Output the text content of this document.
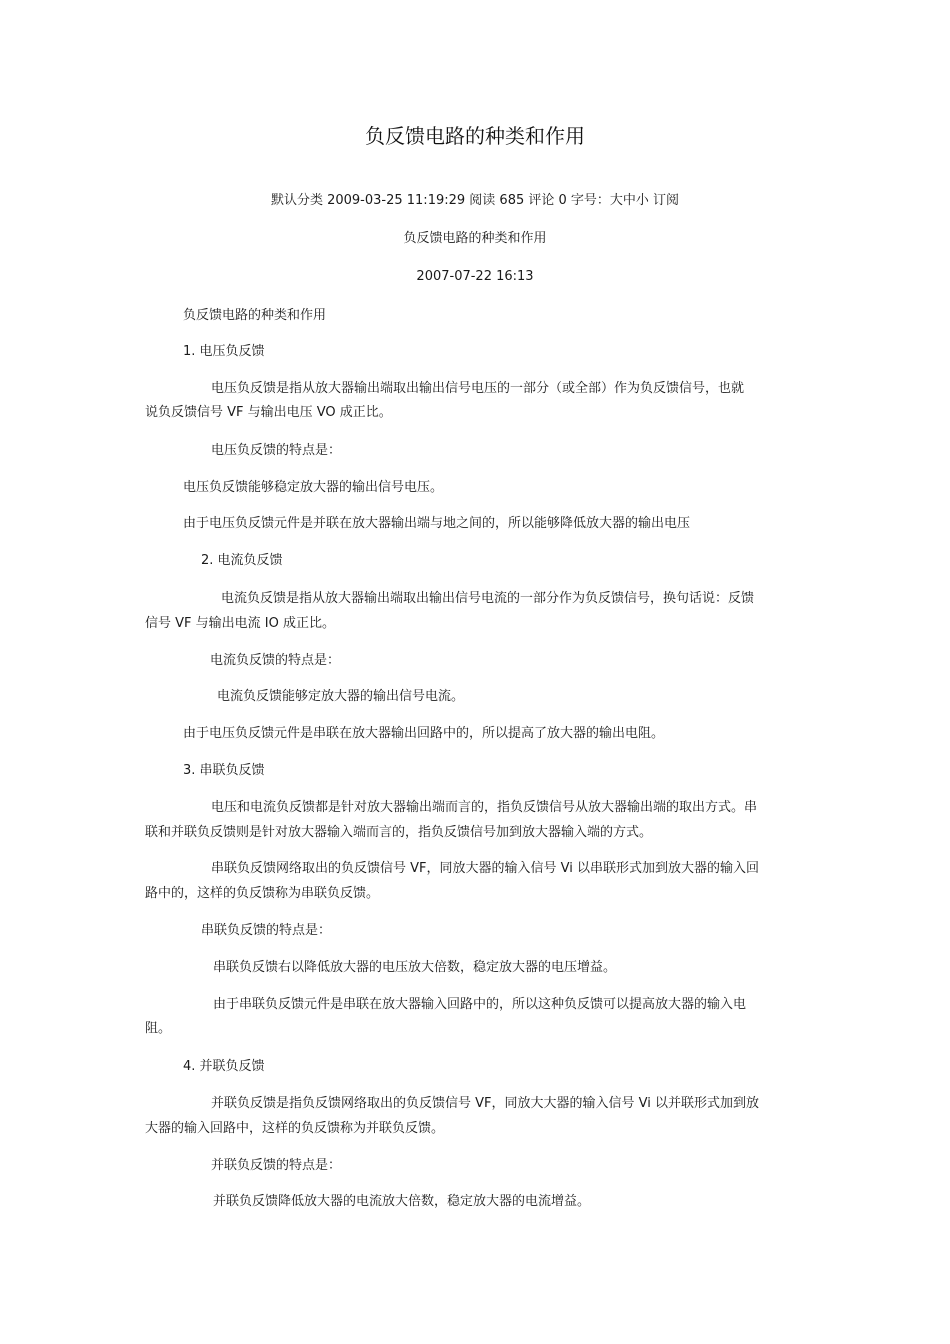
负反馈电路的种类和作用
默认分类 2009-03-25 11:19:29 阅读 685 评论 0 字号：大中小 订阅
负反馈电路的种类和作用
2007-07-22 16:13
负反馈电路的种类和作用
1. 电压负反馈
电压负反馈是指从放大器输出端取出输出信号电压的一部分（或全部）作为负反馈信号，也就
说负反馈信号 VF 与输出电压 VO 成正比。
电压负反馈的特点是：
电压负反馈能够稳定放大器的输出信号电压。
由于电压负反馈元件是并联在放大器输出端与地之间的，所以能够降低放大器的输出电压
2. 电流负反馈
电流负反馈是指从放大器输出端取出输出信号电流的一部分作为负反馈信号，换句话说：反馈
信号 VF 与输出电流 IO 成正比。
电流负反馈的特点是：
电流负反馈能够定放大器的输出信号电流。
由于电压负反馈元件是串联在放大器输出回路中的，所以提高了放大器的输出电阻。
3. 串联负反馈
电压和电流负反馈都是针对放大器输出端而言的，指负反馈信号从放大器输出端的取出方式。串
联和并联负反馈则是针对放大器输入端而言的，指负反馈信号加到放大器输入端的方式。
串联负反馈网络取出的负反馈信号 VF，同放大器的输入信号 Vi 以串联形式加到放大器的输入回
路中的，这样的负反馈称为串联负反馈。
串联负反馈的特点是：
串联负反馈右以降低放大器的电压放大倍数，稳定放大器的电压增益。
由于串联负反馈元件是串联在放大器输入回路中的，所以这种负反馈可以提高放大器的输入电
阻。
4. 并联负反馈
并联负反馈是指负反馈网络取出的负反馈信号 VF，同放大大器的输入信号 Vi 以并联形式加到放
大器的输入回路中，这样的负反馈称为并联负反馈。
并联负反馈的特点是：
并联负反馈降低放大器的电流放大倍数，稳定放大器的电流增益。
